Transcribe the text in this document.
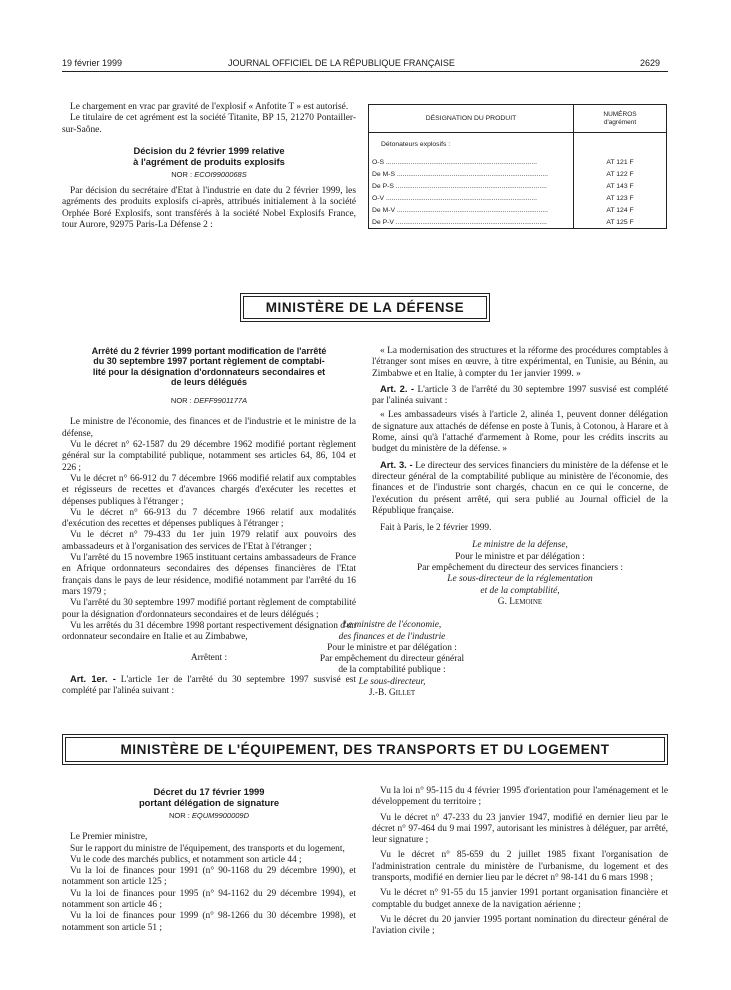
19 février 1999	JOURNAL OFFICIEL DE LA RÉPUBLIQUE FRANÇAISE	2629

Le chargement en vrac par gravité de l'explosif « Anfotite T » est autorisé.

Le titulaire de cet agrément est la société Titanite, BP 15, 21270 Pontailler-sur-Saône.

Décision du 2 février 1999 relative
à l'agrément de produits explosifs
NOR : ECOI9900068S

Par décision du secrétaire d'Etat à l'industrie en date du 2 février 1999, les agréments des produits explosifs ci-après, attribués initialement à la société Orphée Boré Explosifs, sont transférés à la société Nobel Explosifs France, tour Aurore, 92975 Paris-La Défense 2 :

DÉSIGNATION DU PRODUIT	NUMÉROS
d'agrément

Détonateurs explosifs :	
O-S ................................................................................	AT 121 F
De M-S ................................................................................	AT 122 F
De P-S ................................................................................	AT 143 F
O-V ................................................................................	AT 123 F
De M-V ................................................................................	AT 124 F
De P-V ................................................................................	AT 125 F
MINISTÈRE DE LA DÉFENSE
Arrêté du 2 février 1999 portant modification de l'arrêté
du 30 septembre 1997 portant règlement de comptabi-
lité pour la désignation d'ordonnateurs secondaires et
de leurs délégués
NOR : DEFF9901177A

Le ministre de l'économie, des finances et de l'industrie et le ministre de la défense,

Vu le décret n° 62-1587 du 29 décembre 1962 modifié portant règlement général sur la comptabilité publique, notamment ses articles 64, 86, 104 et 226 ;

Vu le décret n° 66-912 du 7 décembre 1966 modifié relatif aux comptables et régisseurs de recettes et d'avances chargés d'exécuter les recettes et dépenses publiques à l'étranger ;

Vu le décret n° 66-913 du 7 décembre 1966 relatif aux modalités d'exécution des recettes et dépenses publiques à l'étranger ;

Vu le décret n° 79-433 du 1er juin 1979 relatif aux pouvoirs des ambassadeurs et à l'organisation des services de l'Etat à l'étranger ;

Vu l'arrêté du 15 novembre 1965 instituant certains ambassadeurs de France en Afrique ordonnateurs secondaires des dépenses financières de l'Etat français dans le pays de leur résidence, modifié notamment par l'arrêté du 16 mars 1979 ;

Vu l'arrêté du 30 septembre 1997 modifié portant règlement de comptabilité pour la désignation d'ordonnateurs secondaires et de leurs délégués ;

Vu les arrêtés du 31 décembre 1998 portant respectivement désignation d'un ordonnateur secondaire en Italie et au Zimbabwe,

Arrêtent :

Art. 1er. - L'article 1er de l'arrêté du 30 septembre 1997 susvisé est complété par l'alinéa suivant :

« La modernisation des structures et la réforme des procédures comptables à l'étranger sont mises en œuvre, à titre expérimental, en Tunisie, au Bénin, au Zimbabwe et en Italie, à compter du 1er janvier 1999. »

Art. 2. - L'article 3 de l'arrêté du 30 septembre 1997 susvisé est complété par l'alinéa suivant :

« Les ambassadeurs visés à l'article 2, alinéa 1, peuvent donner délégation de signature aux attachés de défense en poste à Tunis, à Cotonou, à Harare et à Rome, ainsi qu'à l'attaché d'armement à Rome, pour les crédits inscrits au budget du ministère de la défense. »

Art. 3. - Le directeur des services financiers du ministère de la défense et le directeur général de la comptabilité publique au ministère de l'économie, des finances et de l'industrie sont chargés, chacun en ce qui le concerne, de l'exécution du présent arrêté, qui sera publié au Journal officiel de la République française.

Fait à Paris, le 2 février 1999.

Le ministre de la défense,
Pour le ministre et par délégation :
Par empêchement du directeur des services financiers :
Le sous-directeur de la réglementation
et de la comptabilité,
G. Lemoine
Le ministre de l'économie,
des finances et de l'industrie
Pour le ministre et par délégation :
Par empêchement du directeur général
de la comptabilité publique :
Le sous-directeur,
J.-B. Gillet
MINISTÈRE DE L'ÉQUIPEMENT, DES TRANSPORTS ET DU LOGEMENT
Décret du 17 février 1999
portant délégation de signature
NOR : EQUM9900009D

Le Premier ministre,

Sur le rapport du ministre de l'équipement, des transports et du logement,

Vu le code des marchés publics, et notamment son article 44 ;

Vu la loi de finances pour 1991 (n° 90-1168 du 29 décembre 1990), et notamment son article 125 ;

Vu la loi de finances pour 1995 (n° 94-1162 du 29 décembre 1994), et notamment son article 46 ;

Vu la loi de finances pour 1999 (n° 98-1266 du 30 décembre 1998), et notamment son article 51 ;

Vu la loi n° 95-115 du 4 février 1995 d'orientation pour l'aménagement et le développement du territoire ;

Vu le décret n° 47-233 du 23 janvier 1947, modifié en dernier lieu par le décret n° 97-464 du 9 mai 1997, autorisant les ministres à déléguer, par arrêté, leur signature ;

Vu le décret n° 85-659 du 2 juillet 1985 fixant l'organisation de l'administration centrale du ministère de l'urbanisme, du logement et des transports, modifié en dernier lieu par le décret n° 98-141 du 6 mars 1998 ;

Vu le décret n° 91-55 du 15 janvier 1991 portant organisation financière et comptable du budget annexe de la navigation aérienne ;

Vu le décret du 20 janvier 1995 portant nomination du directeur général de l'aviation civile ;
